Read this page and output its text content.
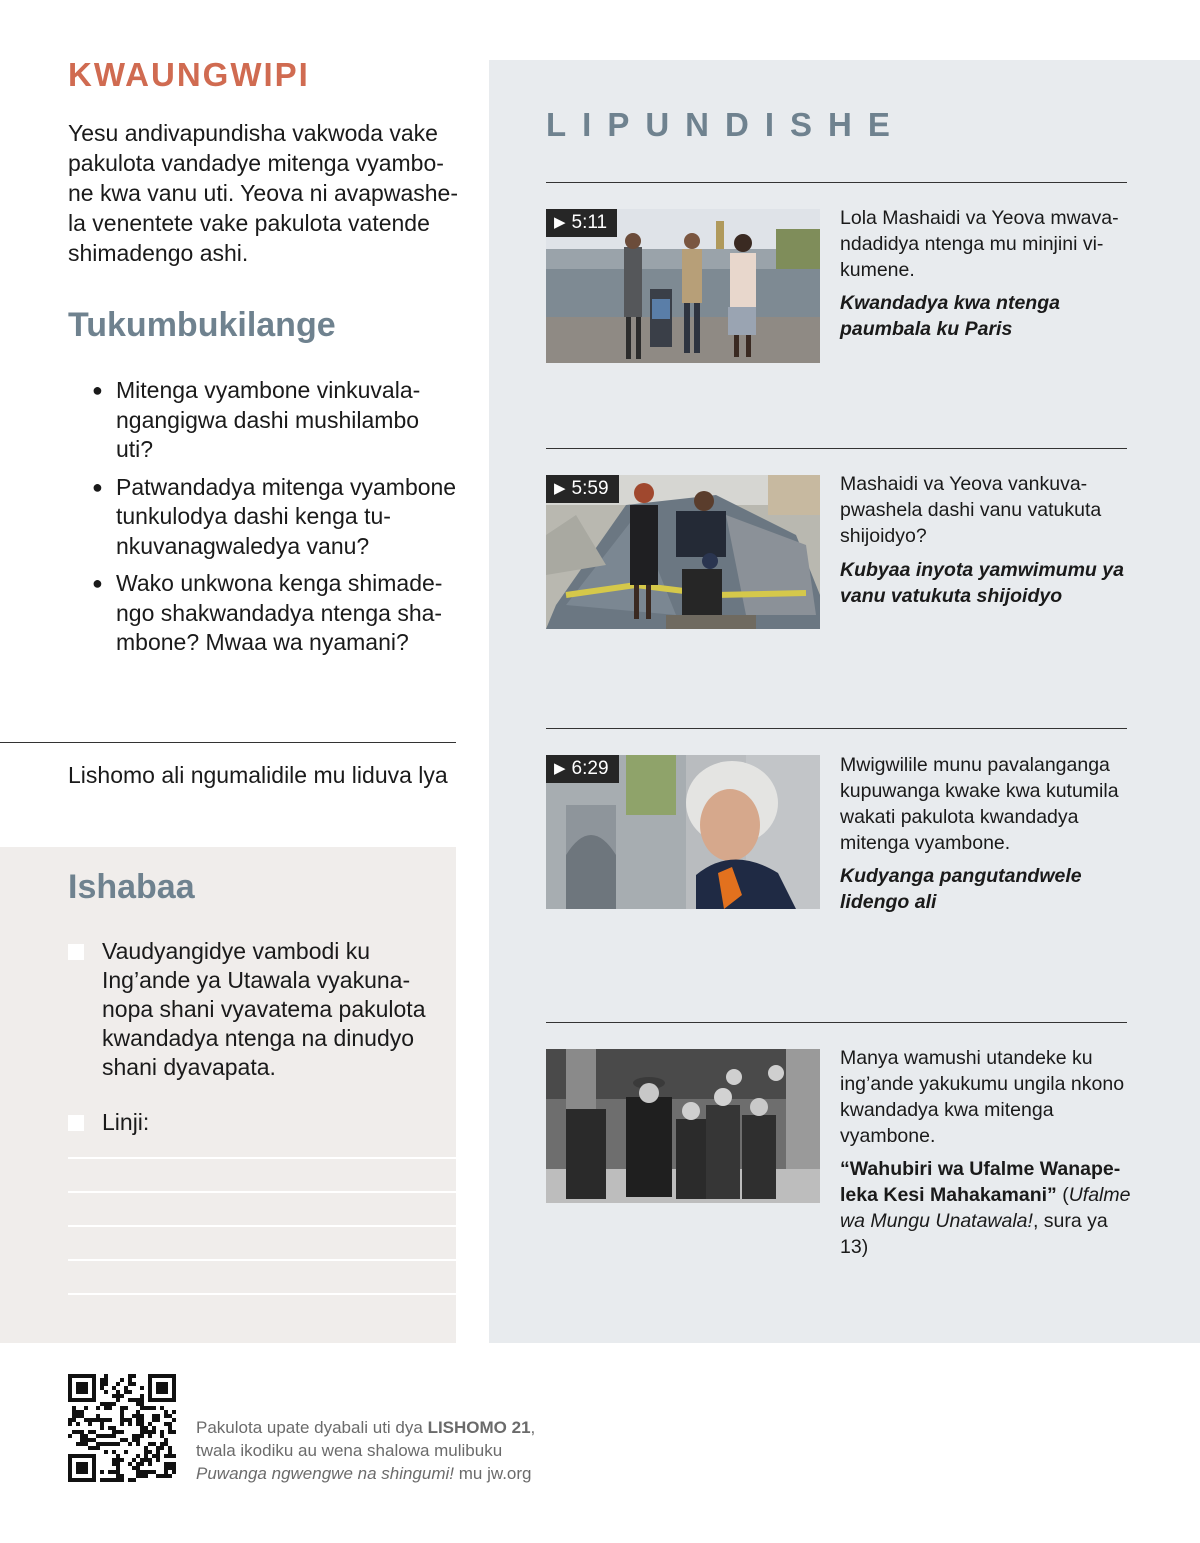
KWAUNGWIPI
Yesu andivapundisha vakwoda vake pakulota vandadye mitenga vyambone kwa vanu uti. Yeova ni avapwashela venentete vake pakulota vatende shimadengo ashi.
Tukumbukilange
● Mitenga vyambone vinkuvalangangigwa dashi mushilambo uti?
● Patwandadya mitenga vyambone tunkulodya dashi kenga tunkuvanagwaledya vanu?
● Wako unkwona kenga shimadengo shakwandadya ntenga shambone? Mwaa wa nyamani?
Lishomo ali ngumalidile mu liduva lya
Ishabaa
Vaudyangidye vambodi ku Ing’ande ya Utawala vyakunanopa shani vyavatema pakulota kwandadya ntenga na dinudyo shani dyavapata.
Linji:
LIPUNDISHE
▶ 5:11	Lola Mashaidi va Yeova mwavandadidya ntenga mu minjini vikumene.
Kwandadya kwa ntenga paumbala ku Paris
▶ 5:59	Mashaidi va Yeova vankuvapwashela dashi vanu vatukuta shijoidyo?
Kubyaa inyota yamwimumu ya vanu vatukuta shijoidyo
▶ 6:29	Mwigwilile munu pavalanganga kupuwanga kwake kwa kutumila wakati pakulota kwandadya mitenga vyambone.
Kudyanga pangutandwele lidengo ali
Manya wamushi utandeke ku ing’ande yakukumu ungila nkono kwandadya kwa mitenga vyambone.
“Wahubiri wa Ufalme Wanapeleka Kesi Mahakamani” (Ufalme wa Mungu Unatawala!, sura ya 13)
Pakulota upate dyabali uti dya LISHOMO 21,
twala ikodiku au wena shalowa mulibuku
Puwanga ngwengwe na shingumi! mu jw.org
